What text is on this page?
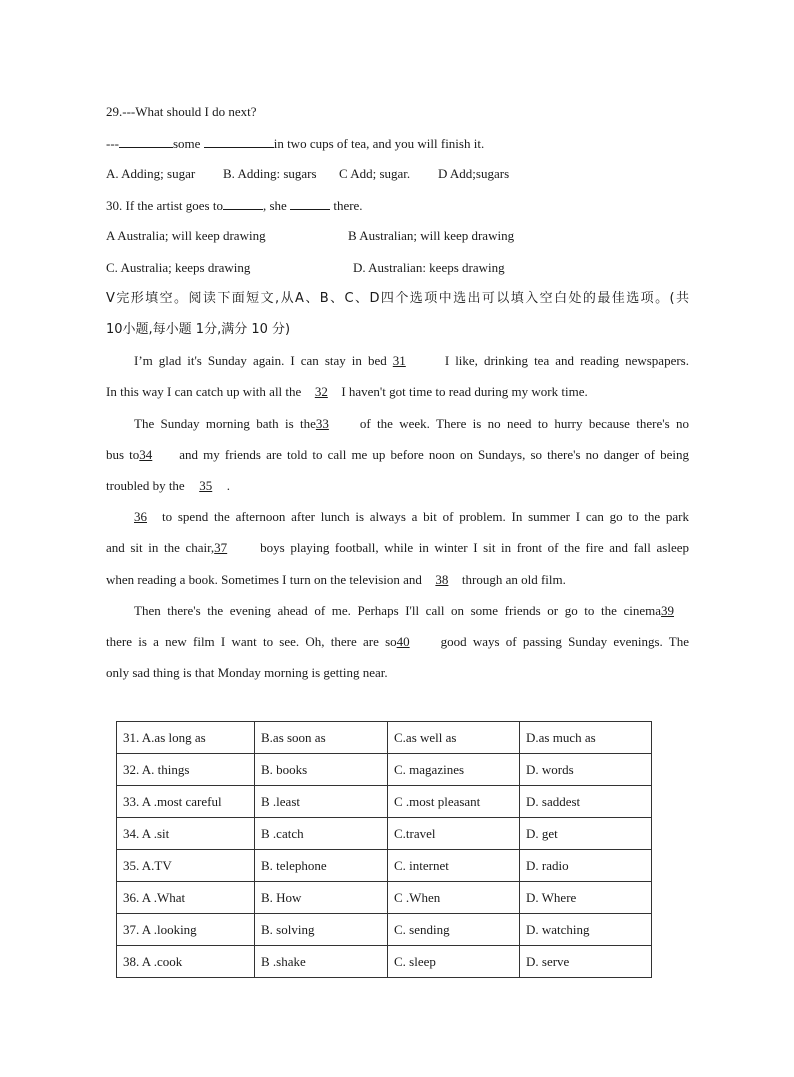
29.---What should I do next?
---	some	in two cups of tea, and you will finish it.
A. Adding; sugar B. Adding: sugars C Add; sugar. D Add;sugars
30. If the artist goes to	, she	there.
A Australia; will keep drawing	B Australian; will keep drawing
C. Australia; keeps drawing	D. Australian: keeps drawing
V完形填空。阅读下面短文,从A、B、C、D四个选项中选出可以填入空白处的最佳选项。(共
10小题,每小题 1分,满分 10 分)
I’m glad it's Sunday again. I can stay in bed 31	I like, drinking tea and reading newspapers.
In this way I can catch up with all the 32 I haven't got time to read during my work time.
The Sunday morning bath is the33 of the week. There is no need to hurry because there's no
bus to34 and my friends are told to call me up before noon on Sundays, so there's no danger of being
troubled by the 35 .
36 to spend the afternoon after lunch is always a bit of problem. In summer I can go to the park
and sit in the chair,37	boys playing football, while in winter I sit in front of the fire and fall asleep
when reading a book. Sometimes I turn on the television and 38 through an old film.
Then there's the evening ahead of me. Perhaps I'll call on some friends or go to the cinema39
there is a new film I want to see. Oh, there are so40 good ways of passing Sunday evenings. The
only sad thing is that Monday morning is getting near.
31. A.as long as	B.as soon as	C.as well as	D.as much as
32. A. things	B. books	C. magazines	D. words
33. A .most careful	B .least	C .most pleasant	D. saddest
34. A .sit	B .catch	C.travel	D. get
35. A.TV	B. telephone	C. internet	D. radio
36. A .What	B. How	C .When	D. Where
37. A .looking	B. solving	C. sending	D. watching
38. A .cook	B .shake	C. sleep	D. serve
